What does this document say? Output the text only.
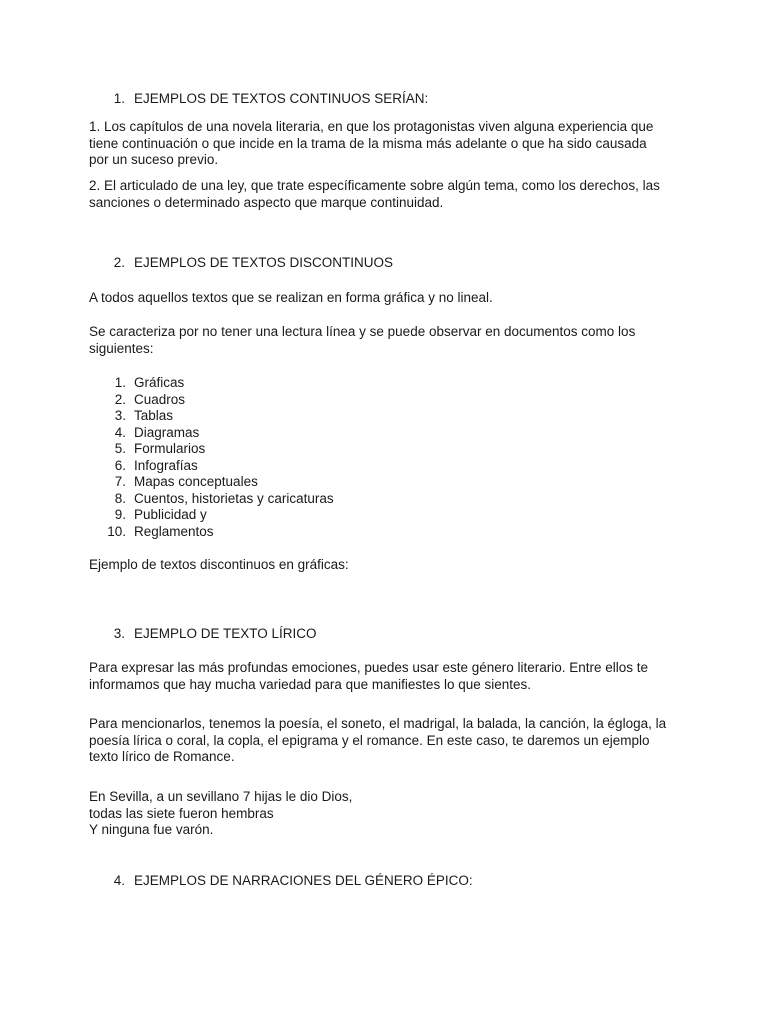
1. EJEMPLOS DE TEXTOS CONTINUOS SERÍAN:
1. Los capítulos de una novela literaria, en que los protagonistas viven alguna experiencia que
tiene continuación o que incide en la trama de la misma más adelante o que ha sido causada
por un suceso previo.
2. El articulado de una ley, que trate específicamente sobre algún tema, como los derechos, las
sanciones o determinado aspecto que marque continuidad.
2. EJEMPLOS DE TEXTOS DISCONTINUOS
A todos aquellos textos que se realizan en forma gráfica y no lineal.
Se caracteriza por no tener una lectura línea y se puede observar en documentos como los
siguientes:
1. Gráficas
2. Cuadros
3. Tablas
4. Diagramas
5. Formularios
6. Infografías
7. Mapas conceptuales
8. Cuentos, historietas y caricaturas
9. Publicidad y
10. Reglamentos
Ejemplo de textos discontinuos en gráficas:
3. EJEMPLO DE TEXTO LÍRICO
Para expresar las más profundas emociones, puedes usar este género literario. Entre ellos te
informamos que hay mucha variedad para que manifiestes lo que sientes.
Para mencionarlos, tenemos la poesía, el soneto, el madrigal, la balada, la canción, la égloga, la
poesía lírica o coral, la copla, el epigrama y el romance. En este caso, te daremos un ejemplo
texto lírico de Romance.
En Sevilla, a un sevillano 7 hijas le dio Dios,
todas las siete fueron hembras
Y ninguna fue varón.
4. EJEMPLOS DE NARRACIONES DEL GÉNERO ÉPICO:
